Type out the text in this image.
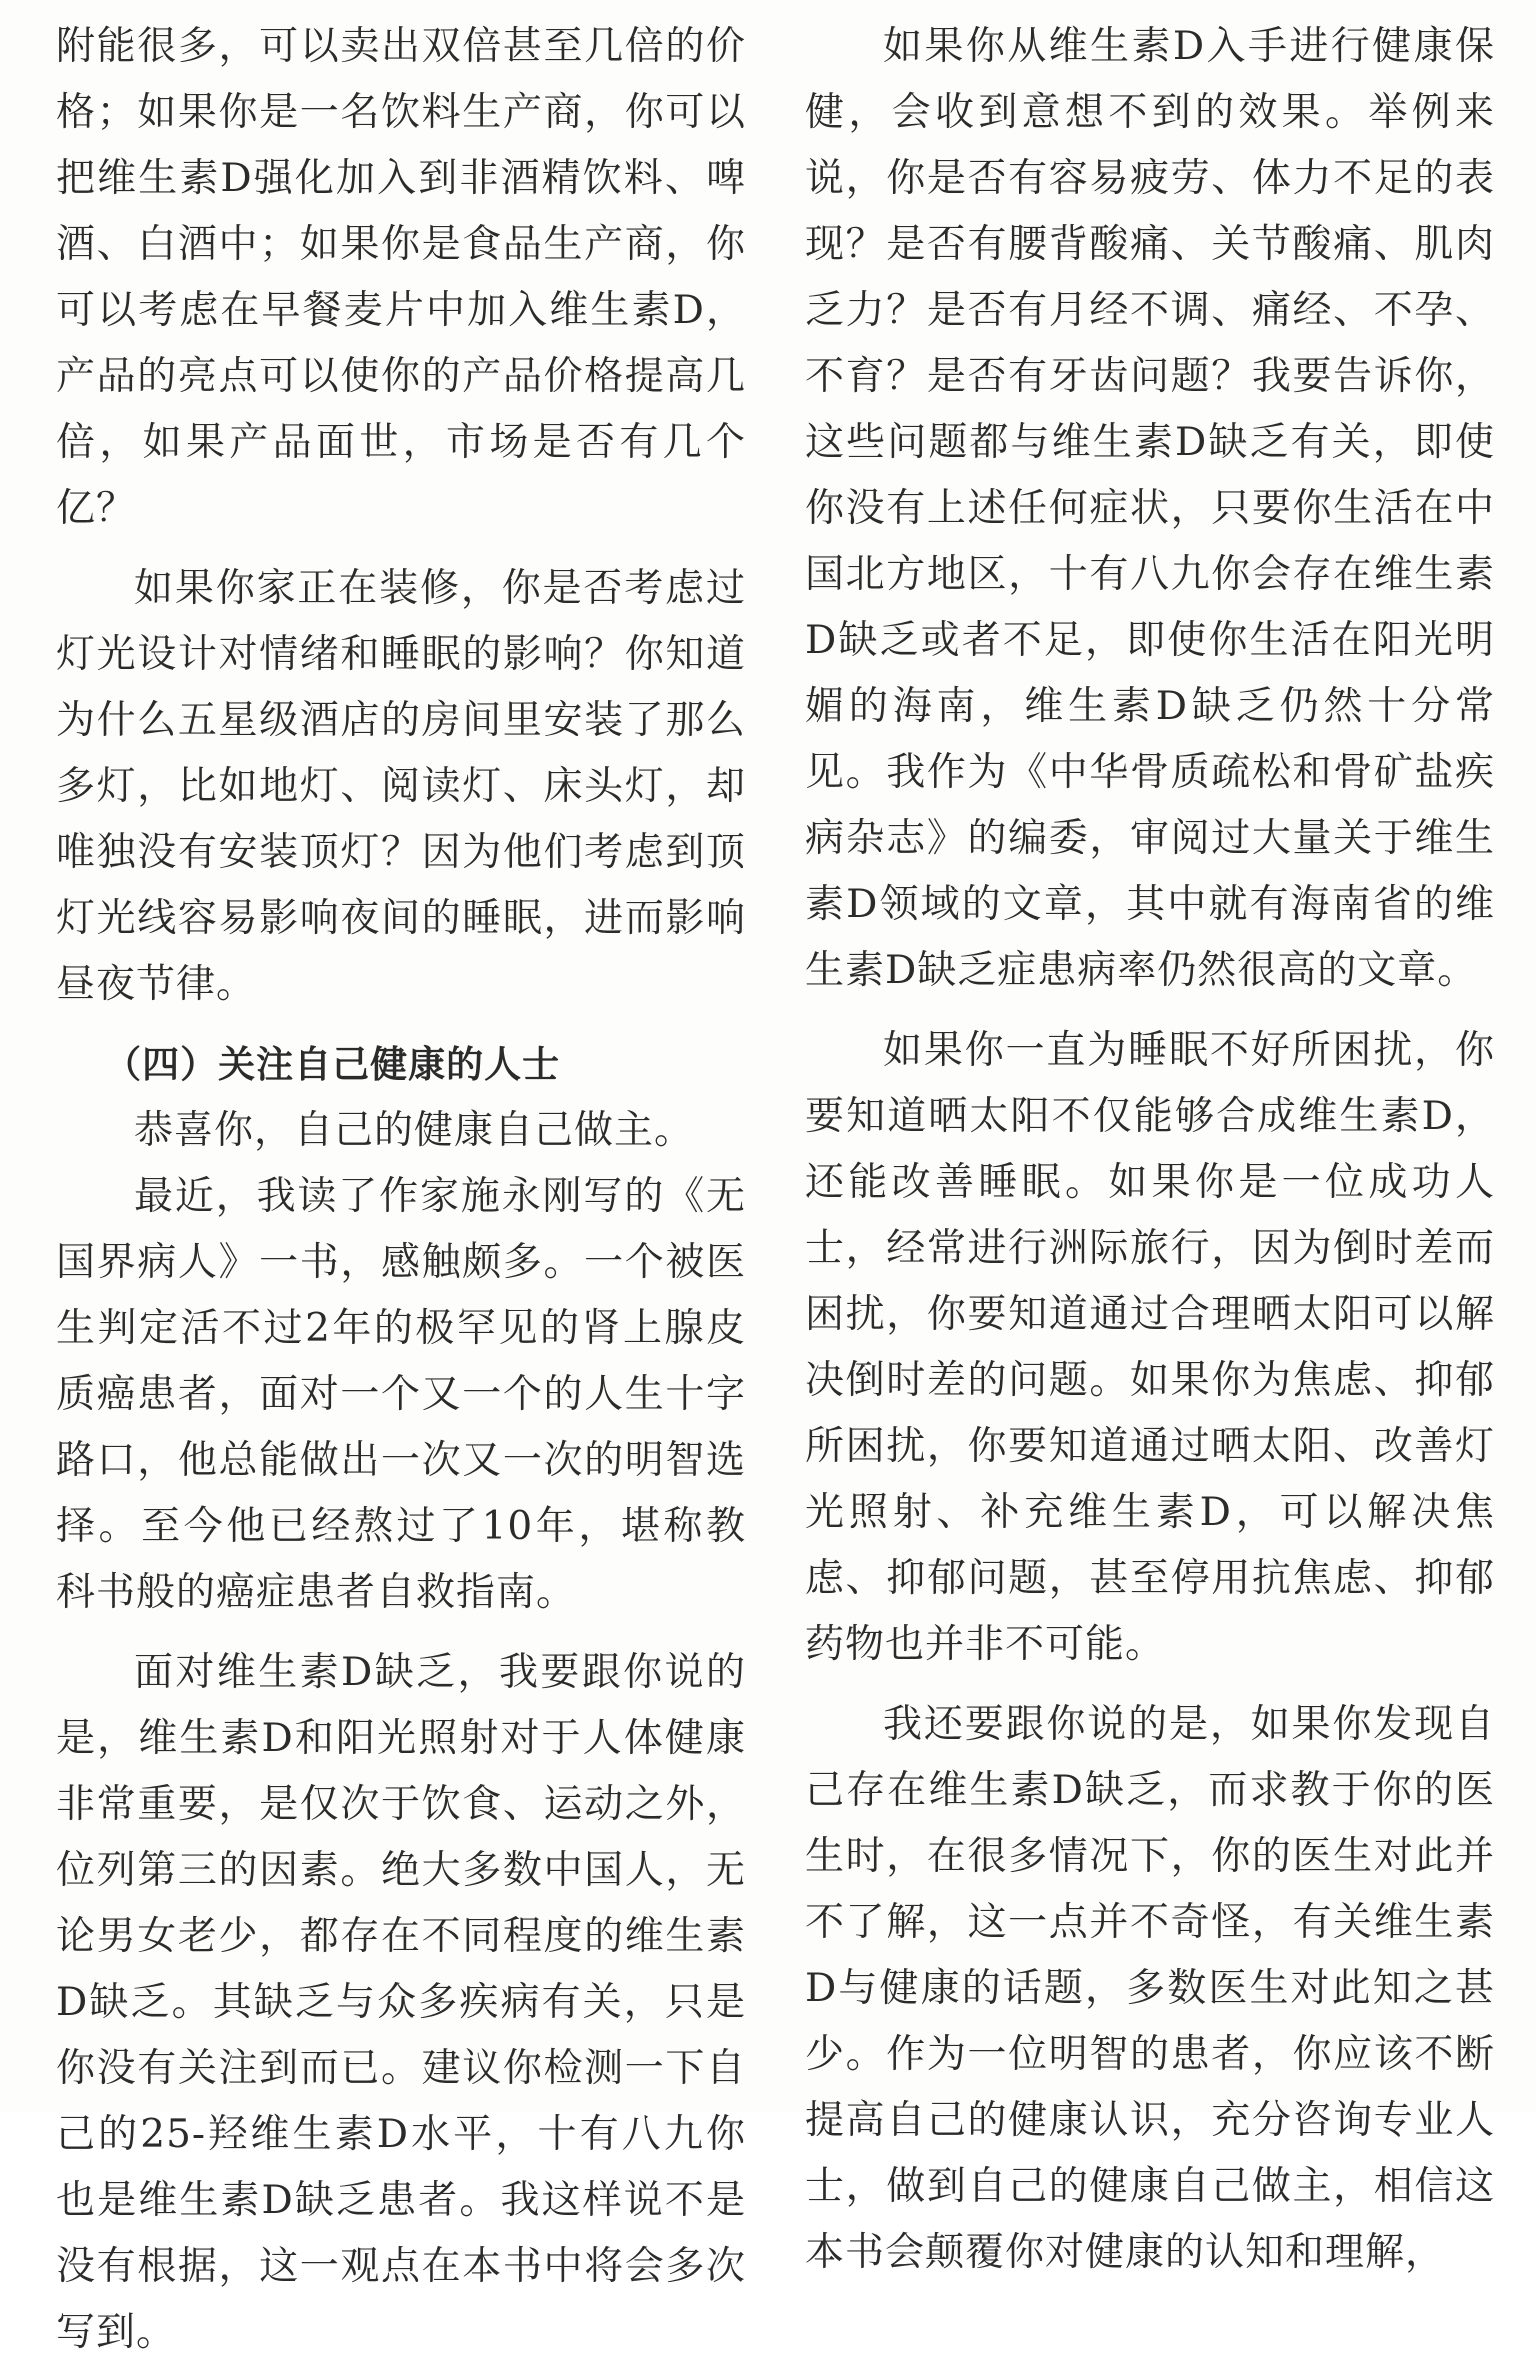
附能很多，可以卖出双倍甚至几倍的价格；如果你是一名饮料生产商，你可以把维生素D强化加入到非酒精饮料、啤酒、白酒中；如果你是食品生产商，你可以考虑在早餐麦片中加入维生素D，产品的亮点可以使你的产品价格提高几倍，如果产品面世，市场是否有几个亿？

如果你家正在装修，你是否考虑过灯光设计对情绪和睡眠的影响？你知道为什么五星级酒店的房间里安装了那么多灯，比如地灯、阅读灯、床头灯，却唯独没有安装顶灯？因为他们考虑到顶灯光线容易影响夜间的睡眠，进而影响昼夜节律。

（四）关注自己健康的人士

恭喜你，自己的健康自己做主。

最近，我读了作家施永刚写的《无国界病人》一书，感触颇多。一个被医生判定活不过2年的极罕见的肾上腺皮质癌患者，面对一个又一个的人生十字路口，他总能做出一次又一次的明智选择。至今他已经熬过了10年，堪称教科书般的癌症患者自救指南。

面对维生素D缺乏，我要跟你说的是，维生素D和阳光照射对于人体健康非常重要，是仅次于饮食、运动之外，位列第三的因素。绝大多数中国人，无论男女老少，都存在不同程度的维生素D缺乏。其缺乏与众多疾病有关，只是你没有关注到而已。建议你检测一下自己的25-羟维生素D水平，十有八九你也是维生素D缺乏患者。我这样说不是没有根据，这一观点在本书中将会多次写到。

如果你从维生素D入手进行健康保健，会收到意想不到的效果。举例来说，你是否有容易疲劳、体力不足的表现？是否有腰背酸痛、关节酸痛、肌肉乏力？是否有月经不调、痛经、不孕、不育？是否有牙齿问题？我要告诉你，这些问题都与维生素D缺乏有关，即使你没有上述任何症状，只要你生活在中国北方地区，十有八九你会存在维生素D缺乏或者不足，即使你生活在阳光明媚的海南，维生素D缺乏仍然十分常见。我作为《中华骨质疏松和骨矿盐疾病杂志》的编委，审阅过大量关于维生素D领域的文章，其中就有海南省的维生素D缺乏症患病率仍然很高的文章。

如果你一直为睡眠不好所困扰，你要知道晒太阳不仅能够合成维生素D，还能改善睡眠。如果你是一位成功人士，经常进行洲际旅行，因为倒时差而困扰，你要知道通过合理晒太阳可以解决倒时差的问题。如果你为焦虑、抑郁所困扰，你要知道通过晒太阳、改善灯光照射、补充维生素D，可以解决焦虑、抑郁问题，甚至停用抗焦虑、抑郁药物也并非不可能。

我还要跟你说的是，如果你发现自己存在维生素D缺乏，而求教于你的医生时，在很多情况下，你的医生对此并不了解，这一点并不奇怪，有关维生素D与健康的话题，多数医生对此知之甚少。作为一位明智的患者，你应该不断提高自己的健康认识，充分咨询专业人士，做到自己的健康自己做主，相信这本书会颠覆你对健康的认知和理解，
